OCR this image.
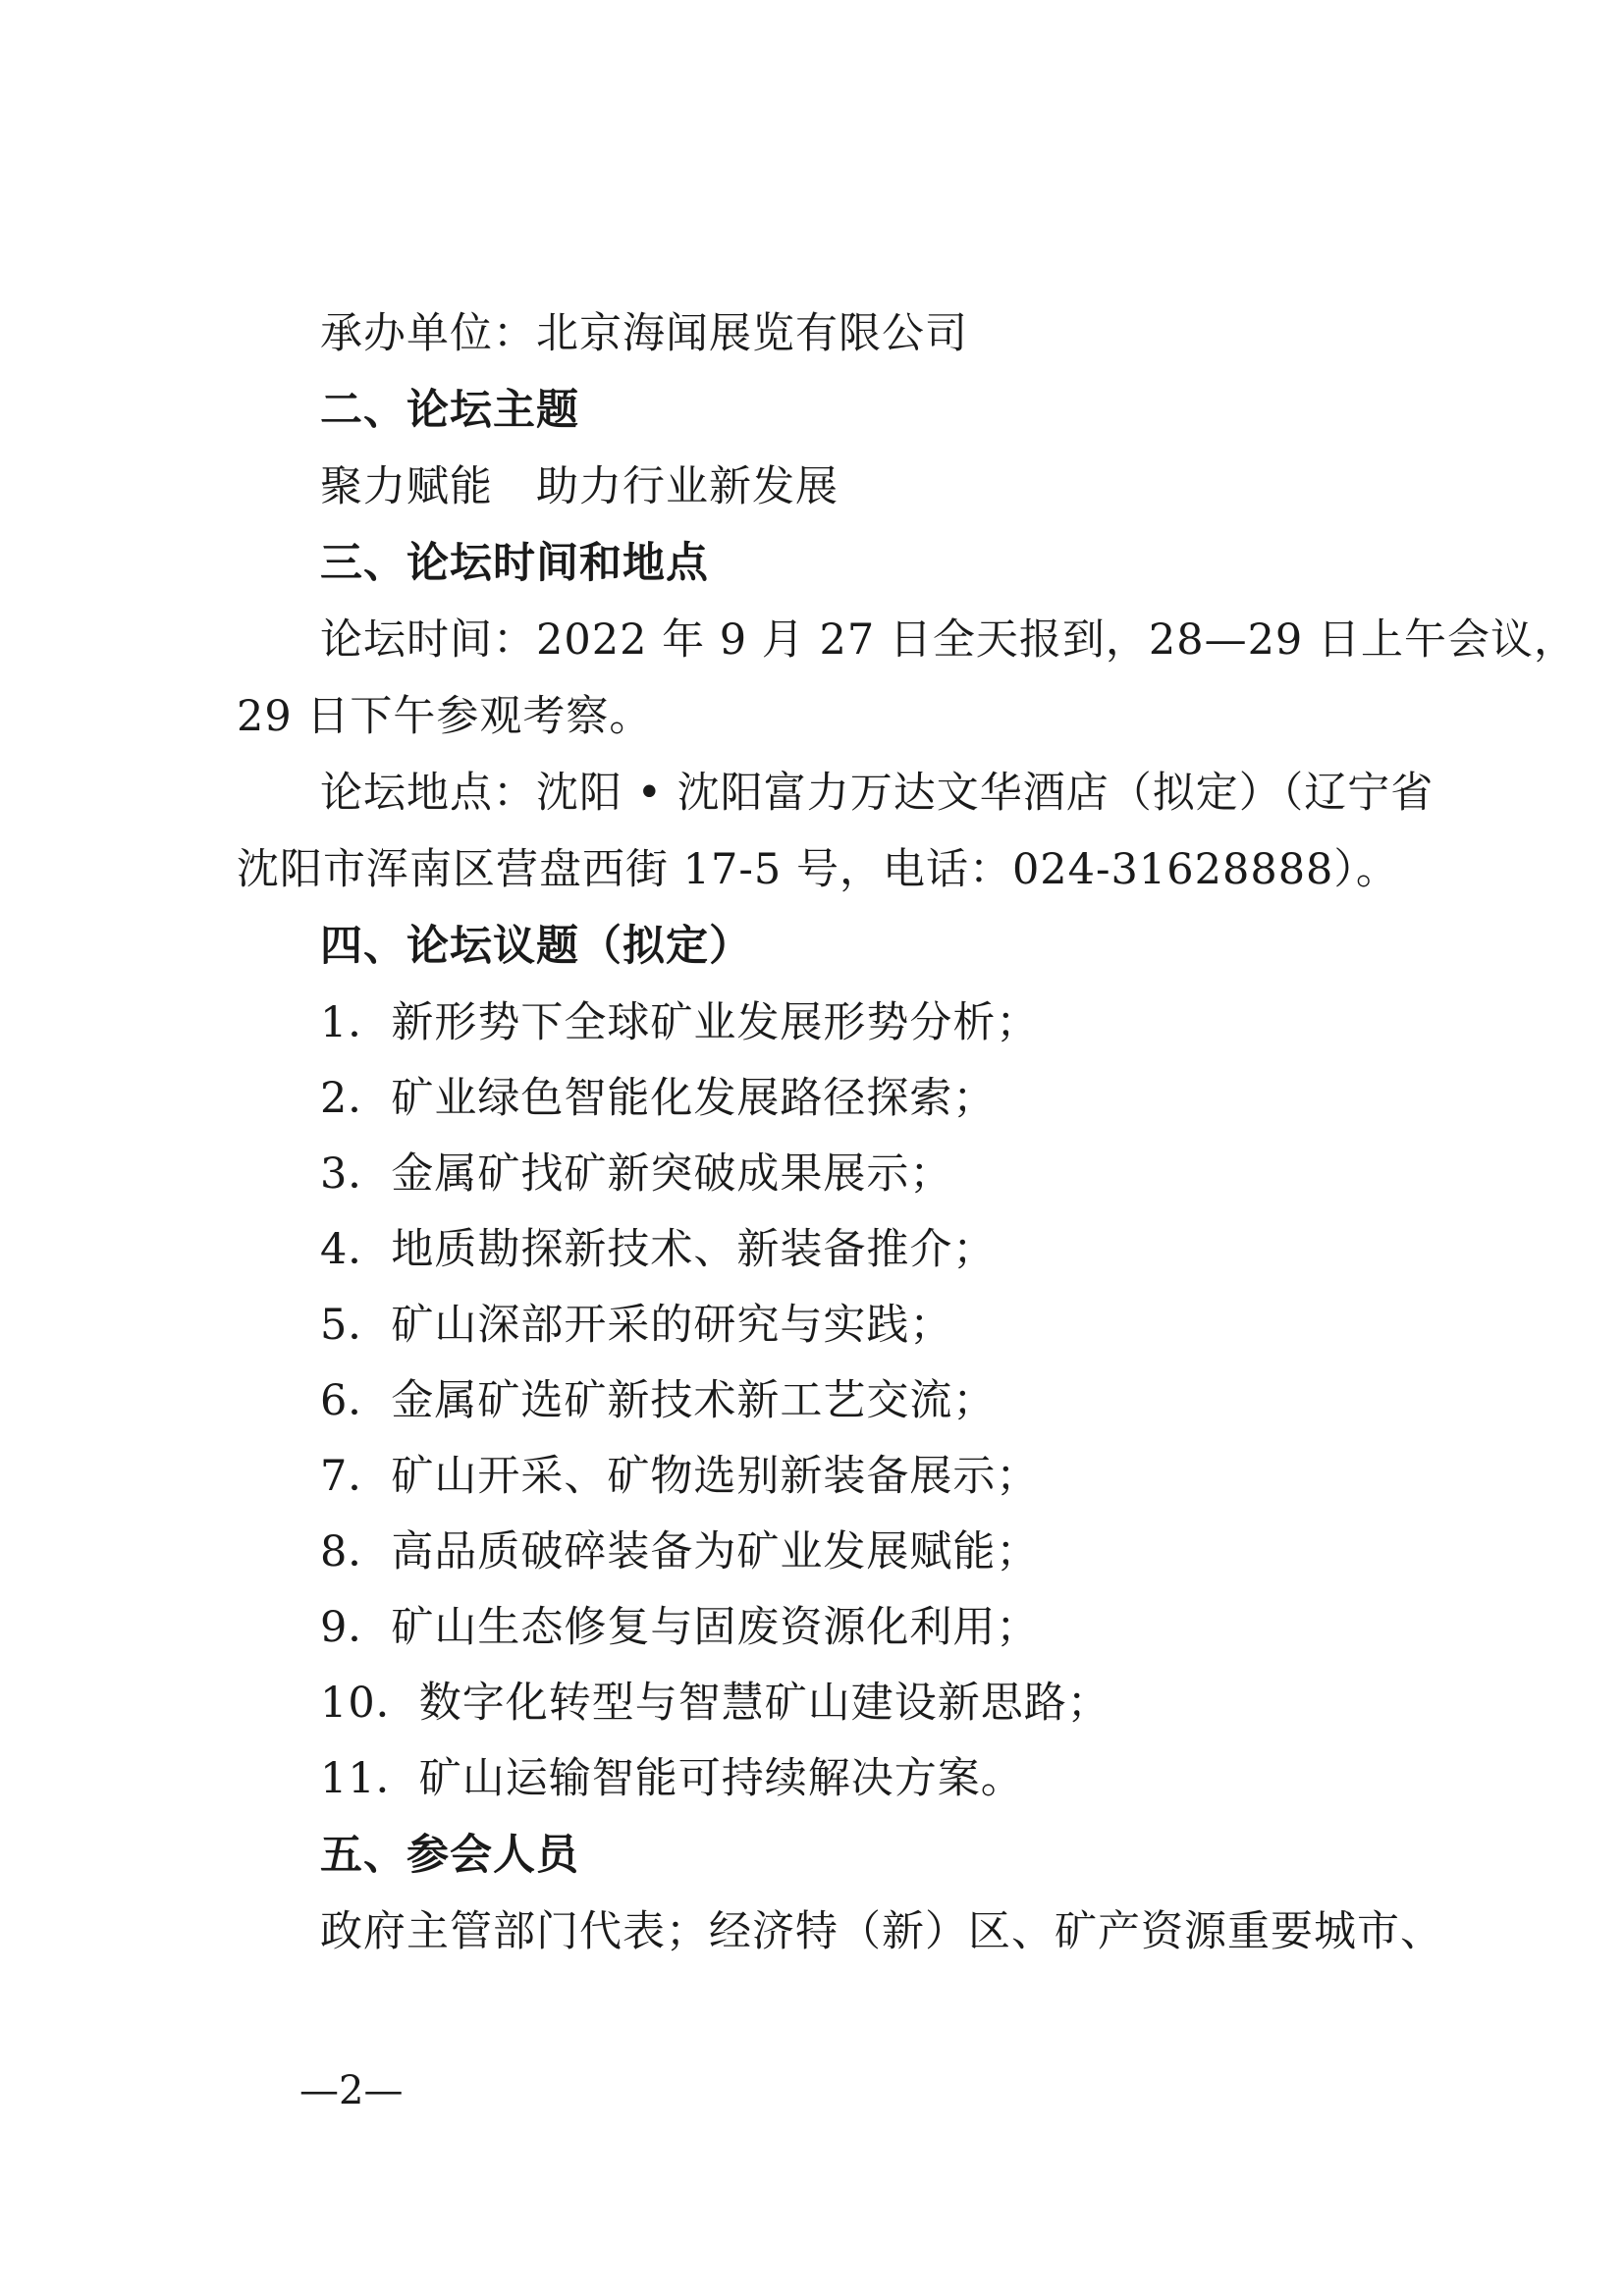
承办单位：北京海闻展览有限公司

二、论坛主题

聚力赋能　助力行业新发展

三、论坛时间和地点

论坛时间：2022 年 9 月 27 日全天报到，28—29 日上午会议，

29 日下午参观考察。

论坛地点：沈阳 • 沈阳富力万达文华酒店（拟定）（辽宁省

沈阳市浑南区营盘西街 17-5 号，电话：024-31628888）。

四、论坛议题（拟定）

1．新形势下全球矿业发展形势分析；

2．矿业绿色智能化发展路径探索；

3．金属矿找矿新突破成果展示；

4．地质勘探新技术、新装备推介；

5．矿山深部开采的研究与实践；

6．金属矿选矿新技术新工艺交流；

7．矿山开采、矿物选别新装备展示；

8．高品质破碎装备为矿业发展赋能；

9．矿山生态修复与固废资源化利用；

10．数字化转型与智慧矿山建设新思路；

11．矿山运输智能可持续解决方案。

五、参会人员

政府主管部门代表；经济特（新）区、矿产资源重要城市、

—2—
